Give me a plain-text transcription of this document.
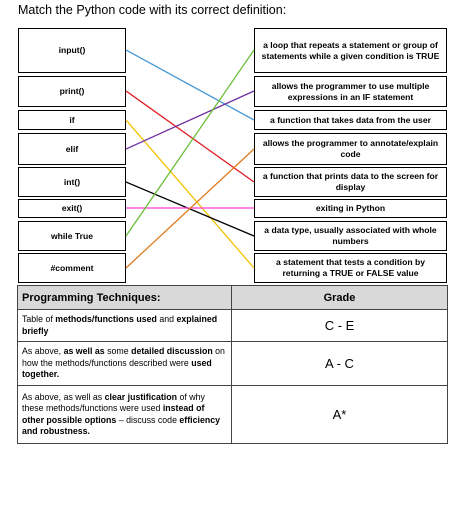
Match the Python code with its correct definition:
input()
print()
if
elif
int()
exit()
while True
#comment
a loop that repeats a statement or group of statements while a given condition is TRUE
allows the programmer to use multiple expressions in an IF statement
a function that takes data from the user
allows the programmer to annotate/explain code
a function that prints data to the screen for display
exiting in Python
a data type, usually associated with whole numbers
a statement that tests a condition by returning a TRUE or FALSE value
Programming Techniques:	Grade
Table of methods/functions used and explained briefly	C - E
As above, as well as some detailed discussion on how the methods/functions described were used together.	A - C
As above, as well as clear justification of why these methods/functions were used instead of other possible options – discuss code efficiency and robustness.	A*
